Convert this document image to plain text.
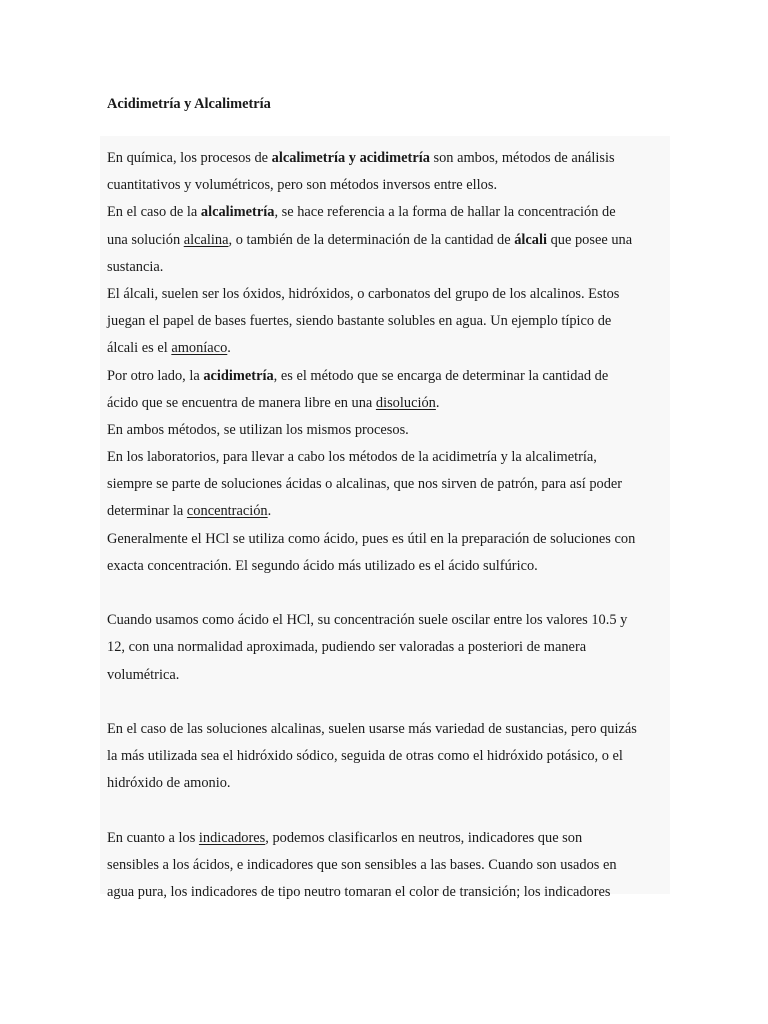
Acidimetría y Alcalimetría
En química, los procesos de alcalimetría y acidimetría son ambos, métodos de análisis
cuantitativos y volumétricos, pero son métodos inversos entre ellos.
En el caso de la alcalimetría, se hace referencia a la forma de hallar la concentración de
una solución alcalina, o también de la determinación de la cantidad de álcali que posee una
sustancia.
El álcali, suelen ser los óxidos, hidróxidos, o carbonatos del grupo de los alcalinos. Estos
juegan el papel de bases fuertes, siendo bastante solubles en agua. Un ejemplo típico de
álcali es el amoníaco.
Por otro lado, la acidimetría, es el método que se encarga de determinar la cantidad de
ácido que se encuentra de manera libre en una disolución.
En ambos métodos, se utilizan los mismos procesos.
En los laboratorios, para llevar a cabo los métodos de la acidimetría y la alcalimetría,
siempre se parte de soluciones ácidas o alcalinas, que nos sirven de patrón, para así poder
determinar la concentración.
Generalmente el HCl se utiliza como ácido, pues es útil en la preparación de soluciones con
exacta concentración. El segundo ácido más utilizado es el ácido sulfúrico.
Cuando usamos como ácido el HCl, su concentración suele oscilar entre los valores 10.5 y
12, con una normalidad aproximada, pudiendo ser valoradas a posteriori de manera
volumétrica.
En el caso de las soluciones alcalinas, suelen usarse más variedad de sustancias, pero quizás
la más utilizada sea el hidróxido sódico, seguida de otras como el hidróxido potásico, o el
hidróxido de amonio.
En cuanto a los indicadores, podemos clasificarlos en neutros, indicadores que son
sensibles a los ácidos, e indicadores que son sensibles a las bases. Cuando son usados en
agua pura, los indicadores de tipo neutro tomaran el color de transición; los indicadores
